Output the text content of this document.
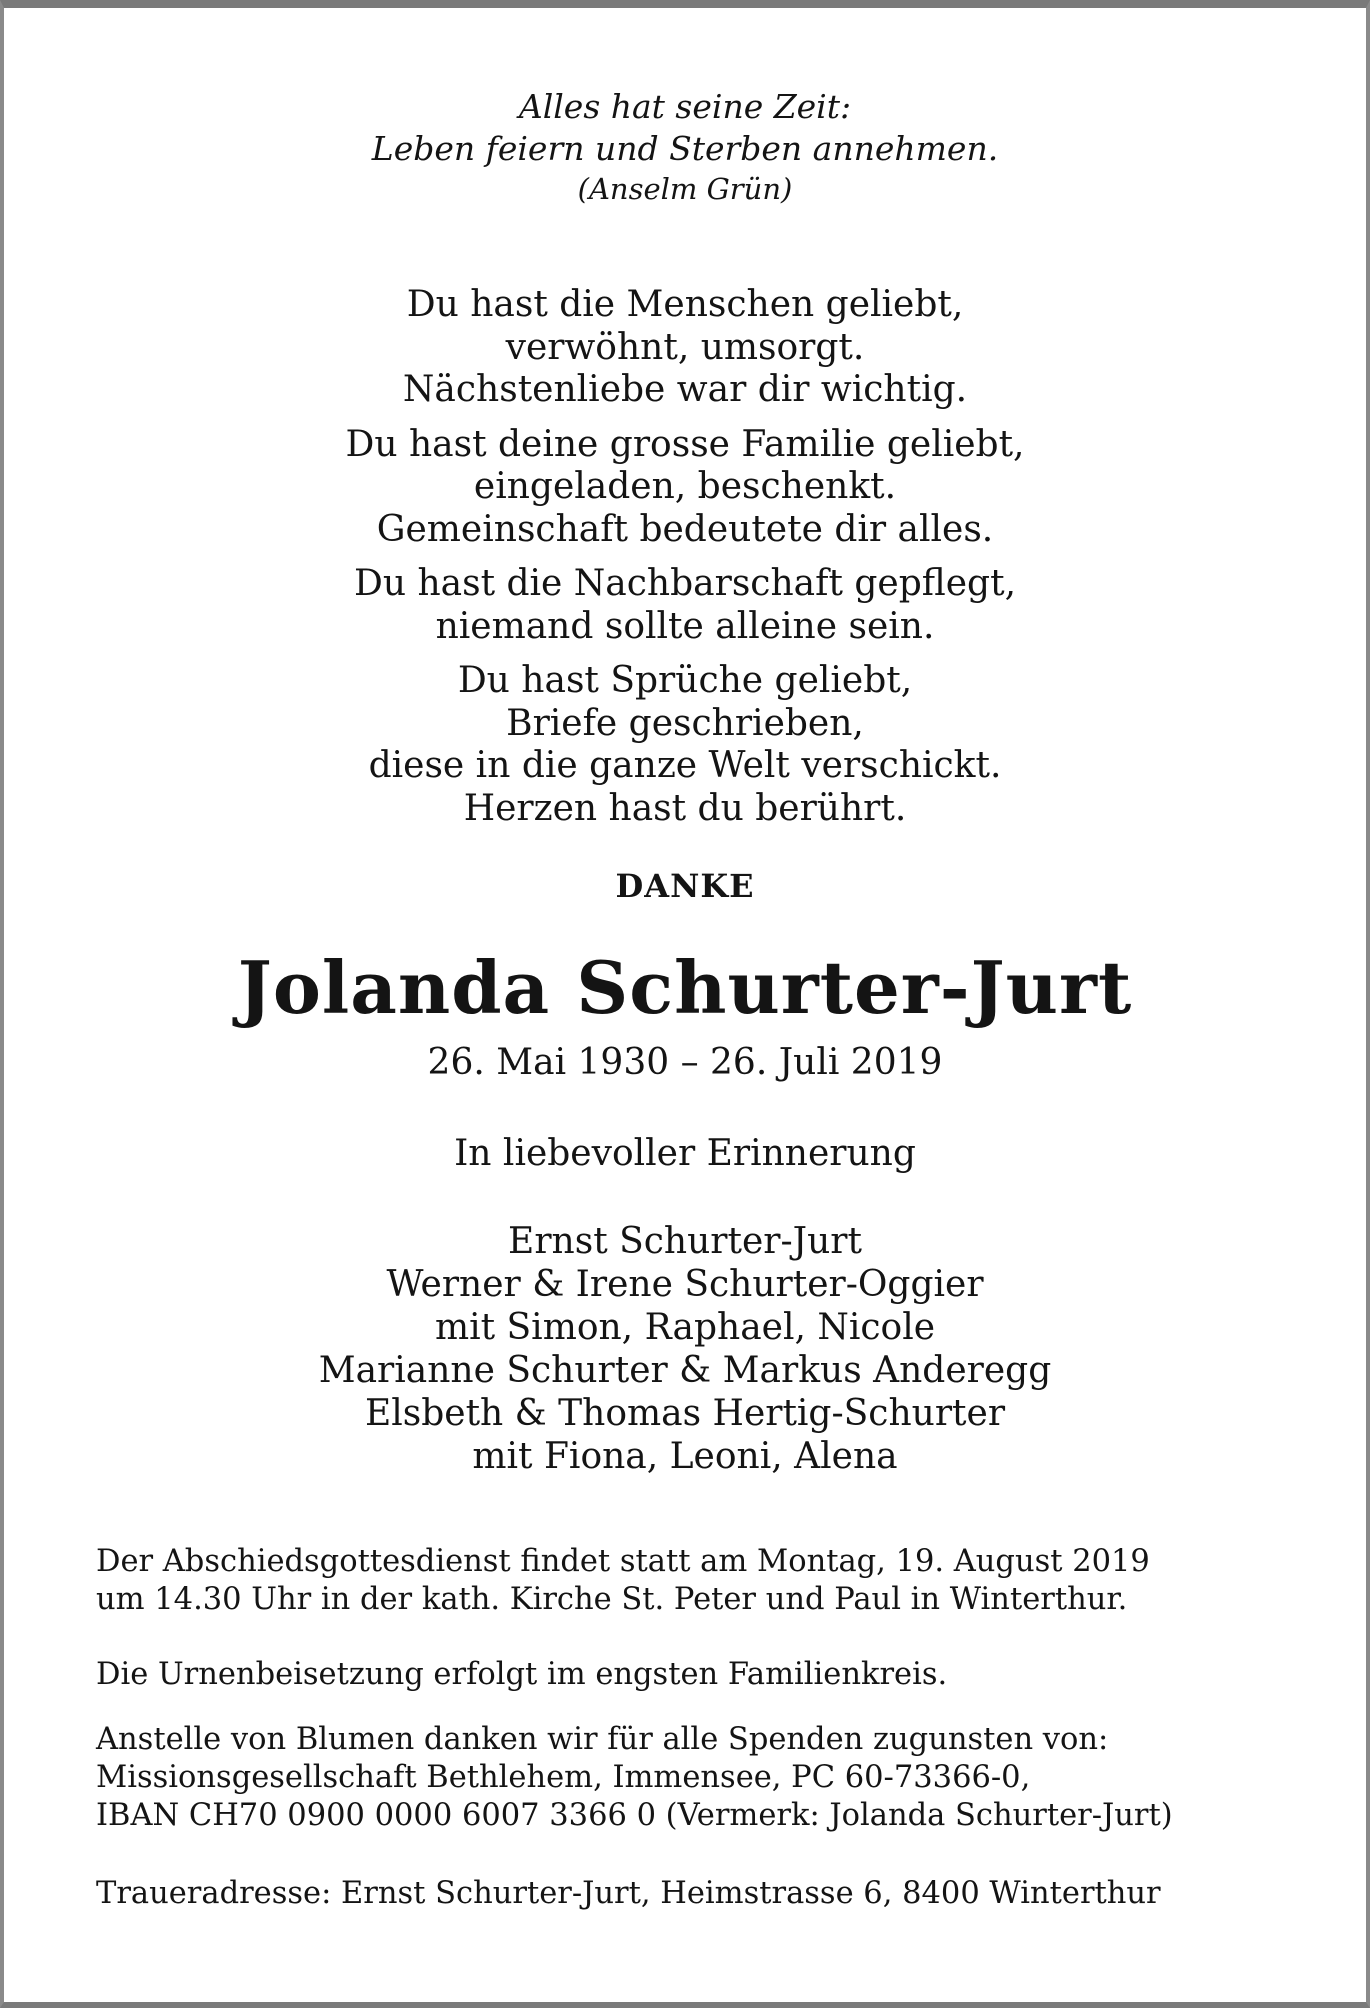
Alles hat seine Zeit:
Leben feiern und Sterben annehmen.
(Anselm Grün)
Du hast die Menschen geliebt,
verwöhnt, umsorgt.
Nächstenliebe war dir wichtig.
Du hast deine grosse Familie geliebt,
eingeladen, beschenkt.
Gemeinschaft bedeutete dir alles.
Du hast die Nachbarschaft gepflegt,
niemand sollte alleine sein.
Du hast Sprüche geliebt,
Briefe geschrieben,
diese in die ganze Welt verschickt.
Herzen hast du berührt.
DANKE
Jolanda Schurter-Jurt
26. Mai 1930 – 26. Juli 2019
In liebevoller Erinnerung
Ernst Schurter-Jurt
Werner & Irene Schurter-Oggier
mit Simon, Raphael, Nicole
Marianne Schurter & Markus Anderegg
Elsbeth & Thomas Hertig-Schurter
mit Fiona, Leoni, Alena
Der Abschiedsgottesdienst findet statt am Montag, 19. August 2019
um 14.30 Uhr in der kath. Kirche St. Peter und Paul in Winterthur.
Die Urnenbeisetzung erfolgt im engsten Familienkreis.
Anstelle von Blumen danken wir für alle Spenden zugunsten von:
Missionsgesellschaft Bethlehem, Immensee, PC 60-73366-0,
IBAN CH70 0900 0000 6007 3366 0 (Vermerk: Jolanda Schurter-Jurt)
Traueradresse: Ernst Schurter-Jurt, Heimstrasse 6, 8400 Winterthur
